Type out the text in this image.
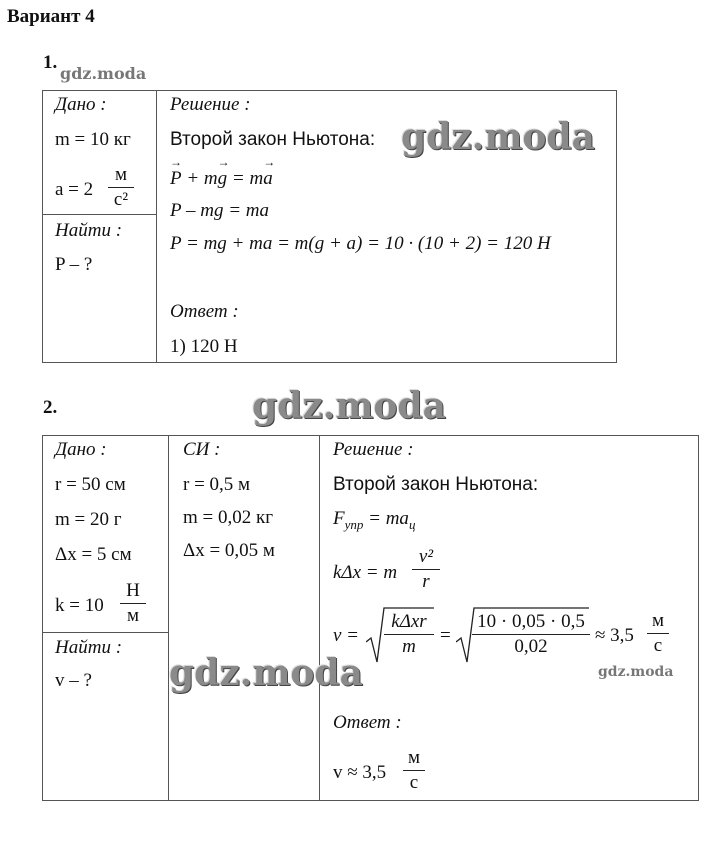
Вариант 4
1.
gdz.moda
Дано :
m = 10 кг
a = 2
м
с²
Найти :
P – ?
Решение :
Второй закон Ньютона: gdz.moda
→ P + m→ g = m→ a
P – mg = ma
P = mg + ma = m(g + a) = 10 · (10 + 2) = 120 Н
Ответ :
1) 120 Н
2.	gdz.moda
Дано :
r = 50 см
m = 20 г
Δx = 5 см
k = 10
Н
м
Найти :
v – ?
СИ :
r = 0,5 м
m = 0,02 кг
Δx = 0,05 м
gdz.moda
Решение :
Второй закон Ньютона:
$F_{упр} = ma_ц$
kΔx = m
v²
r
v =
kΔxr
m
=
10 · 0,05 · 0,5
0,02
≈ 3,5
м
с
gdz.moda
Ответ :
v ≈ 3,5
м
с
